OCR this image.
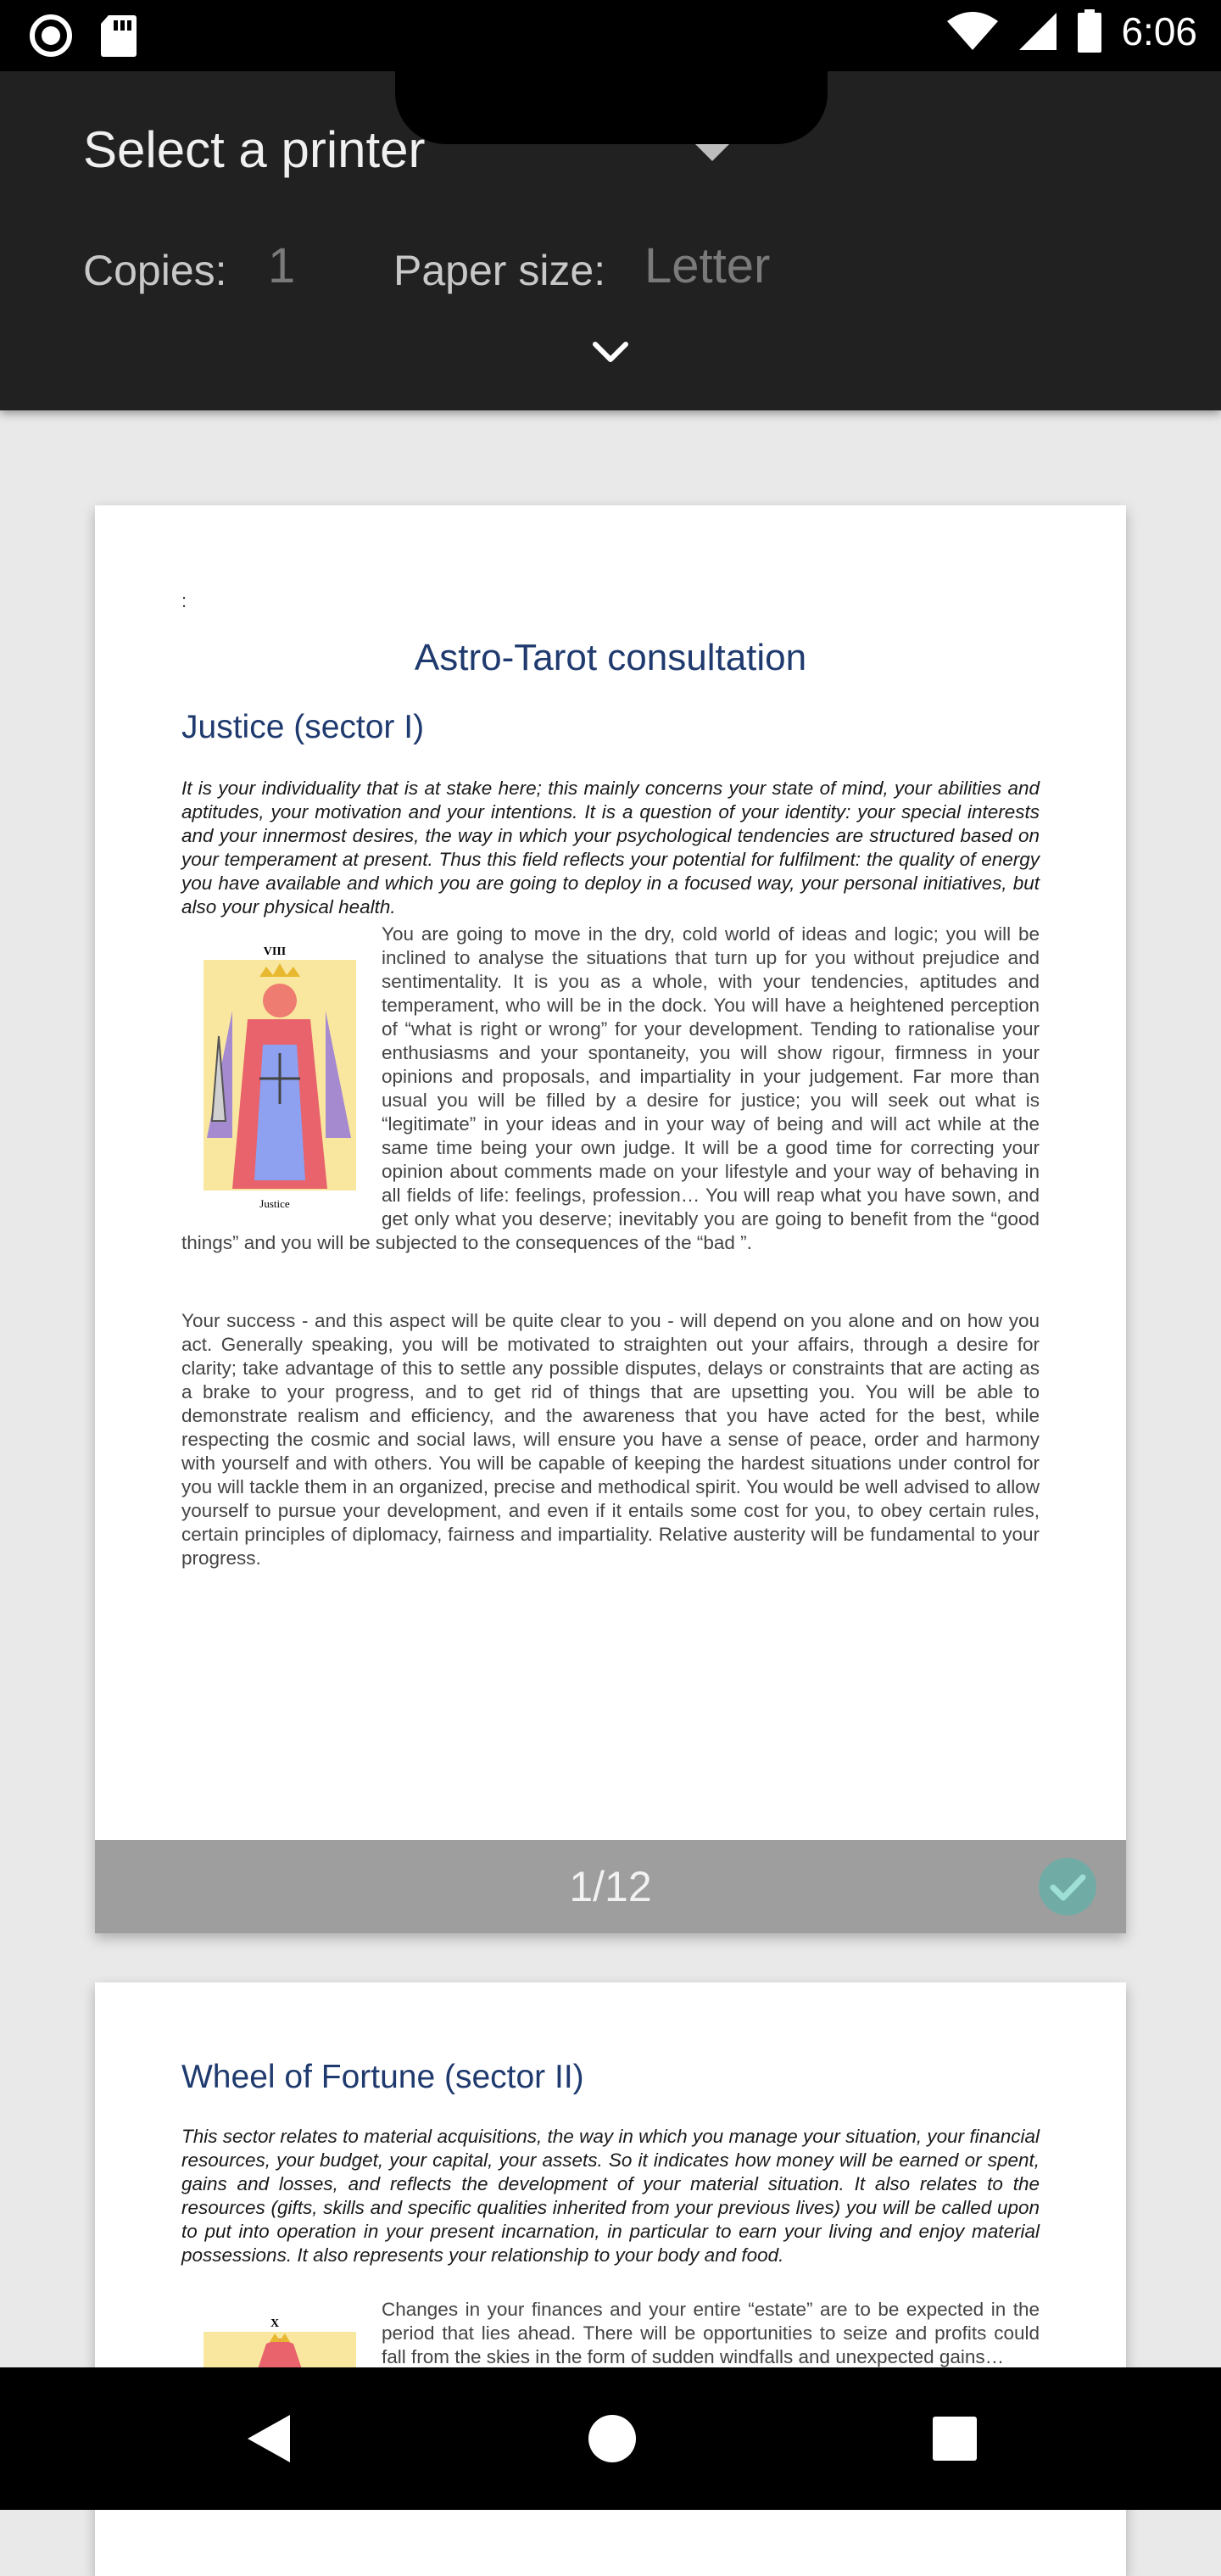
6:06
Select a printer
Copies: 1 Paper size: Letter
:
Astro-Tarot consultation
Justice (sector I)

It is your individuality that is at stake here; this mainly concerns your state of mind, your abilities and aptitudes, your motivation and your intentions. It is a question of your identity: your special interests and your innermost desires, the way in which your psychological tendencies are structured based on your temperament at present. Thus this field reflects your potential for fulfilment: the quality of energy you have available and which you are going to deploy in a focused way, your personal initiatives, but also your physical health.

VIII
Justice
You are going to move in the dry, cold world of ideas and logic; you will be inclined to analyse the situations that turn up for you without prejudice and sentimentality. It is you as a whole, with your tendencies, aptitudes and temperament, who will be in the dock. You will have a heightened perception of “what is right or wrong” for your development. Tending to rationalise your enthusiasms and your spontaneity, you will show rigour, firmness in your opinions and proposals, and impartiality in your judgement. Far more than usual you will be filled by a desire for justice; you will seek out what is “legitimate” in your ideas and in your way of being and will act while at the same time being your own judge. It will be a good time for correcting your opinion about comments made on your lifestyle and your way of behaving in all fields of life: feelings, profession… You will reap what you have sown, and get only what you deserve; inevitably you are going to benefit from the “good things” and you will be subjected to the consequences of the “bad ”.

Your success - and this aspect will be quite clear to you - will depend on you alone and on how you act. Generally speaking, you will be motivated to straighten out your affairs, through a desire for clarity; take advantage of this to settle any possible disputes, delays or constraints that are acting as a brake to your progress, and to get rid of things that are upsetting you. You will be able to demonstrate realism and efficiency, and the awareness that you have acted for the best, while respecting the cosmic and social laws, will ensure you have a sense of peace, order and harmony with yourself and with others. You will be capable of keeping the hardest situations under control for you will tackle them in an organized, precise and methodical spirit. You would be well advised to allow yourself to pursue your development, and even if it entails some cost for you, to obey certain rules, certain principles of diplomacy, fairness and impartiality. Relative austerity will be fundamental to your progress.

1/12
Wheel of Fortune (sector II)

This sector relates to material acquisitions, the way in which you manage your situation, your financial resources, your budget, your capital, your assets. So it indicates how money will be earned or spent, gains and losses, and reflects the development of your material situation. It also relates to the resources (gifts, skills and specific qualities inherited from your previous lives) you will be called upon to put into operation in your present incarnation, in particular to earn your living and enjoy material possessions. It also represents your relationship to your body and food.

X
Changes in your finances and your entire “estate” are to be expected in the period that lies ahead. There will be opportunities to seize and profits could fall from the skies in the form of sudden windfalls and unexpected gains…
